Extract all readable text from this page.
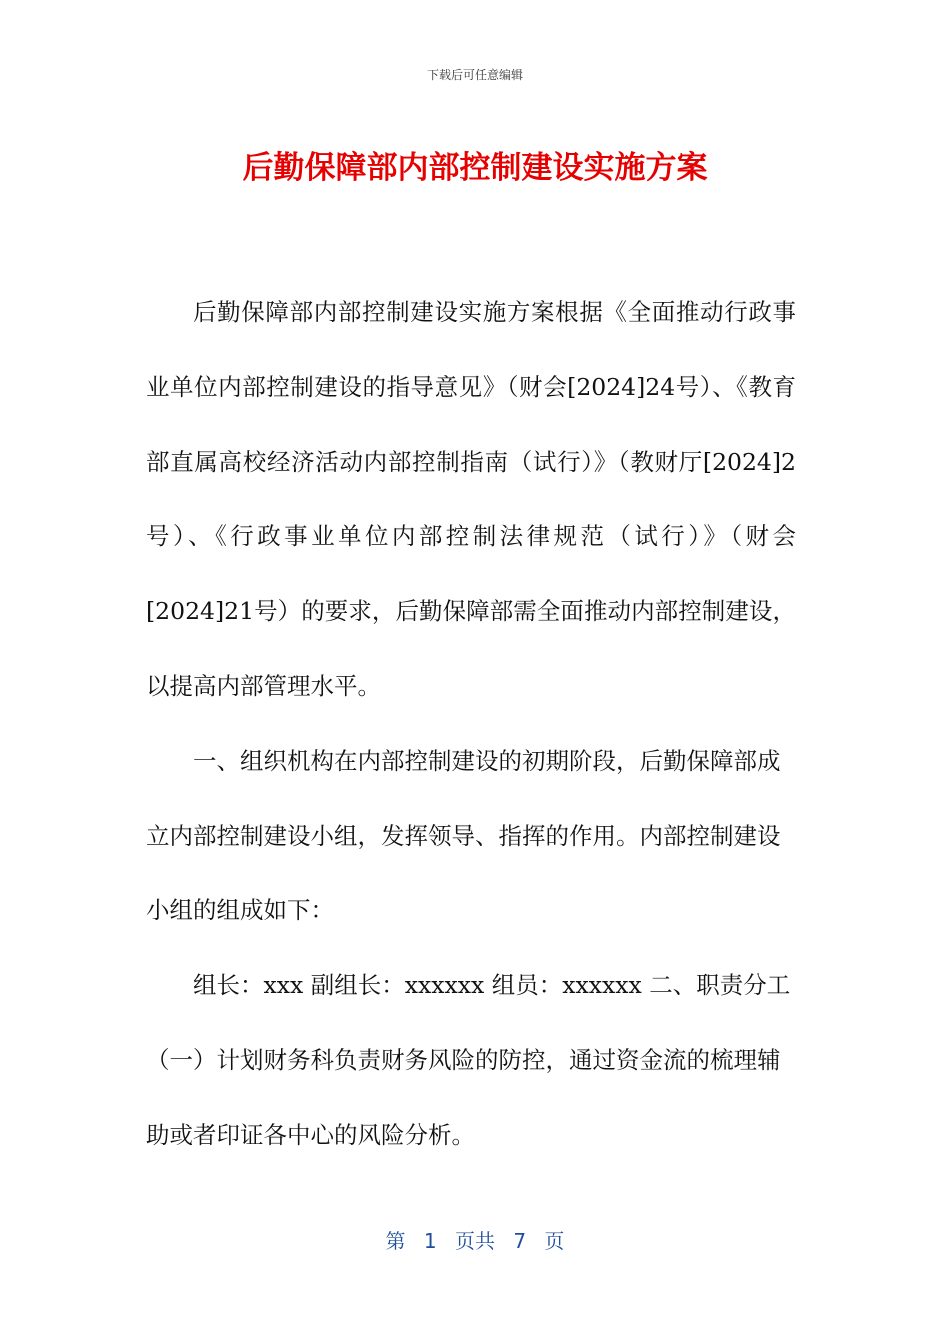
下载后可任意编辑
后勤保障部内部控制建设实施方案

后勤保障部内部控制建设实施方案根据《全面推动行政事业单位内部控制建设的指导意见》（财会[2024]24号）、《教育部直属高校经济活动内部控制指南（试行）》（教财厅[2024]2号）、《行政事业单位内部控制法律规范（试行）》（财会[2024]21号）的要求，后勤保障部需全面推动内部控制建设，以提高内部管理水平。

一、组织机构在内部控制建设的初期阶段，后勤保障部成立内部控制建设小组，发挥领导、指挥的作用。内部控制建设小组的组成如下：

组长：xxx 副组长：xxxxxx 组员：xxxxxx 二、职责分工

（一）计划财务科负责财务风险的防控，通过资金流的梳理辅助或者印证各中心的风险分析。

第 1 页共 7 页
